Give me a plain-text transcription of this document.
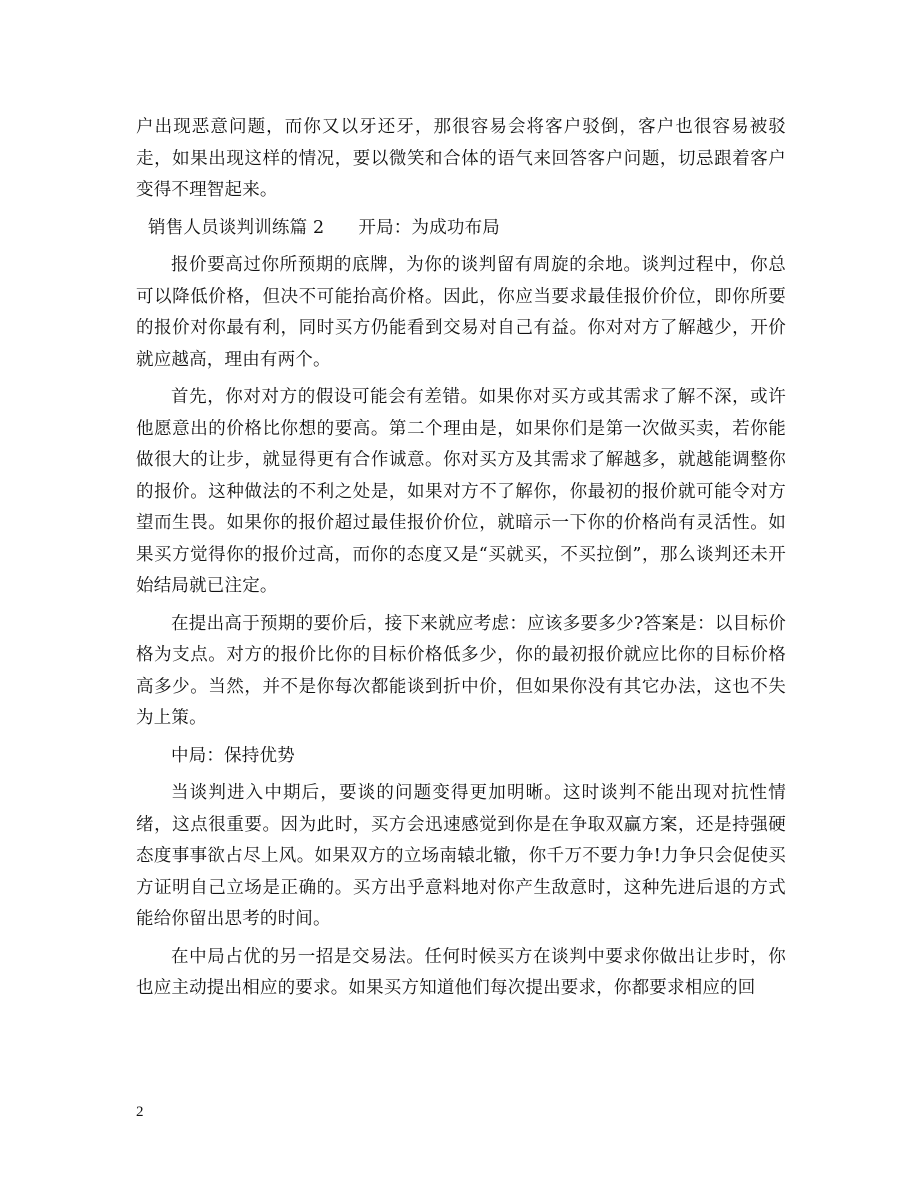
户出现恶意问题，而你又以牙还牙，那很容易会将客户驳倒，客户也很容易被驳走，如果出现这样的情况，要以微笑和合体的语气来回答客户问题，切忌跟着客户变得不理智起来。

销售人员谈判训练篇 2 开局：为成功布局

报价要高过你所预期的底牌，为你的谈判留有周旋的余地。谈判过程中，你总可以降低价格，但决不可能抬高价格。因此，你应当要求最佳报价价位，即你所要的报价对你最有利，同时买方仍能看到交易对自己有益。你对对方了解越少，开价就应越高，理由有两个。

首先，你对对方的假设可能会有差错。如果你对买方或其需求了解不深，或许他愿意出的价格比你想的要高。第二个理由是，如果你们是第一次做买卖，若你能做很大的让步，就显得更有合作诚意。你对买方及其需求了解越多，就越能调整你的报价。这种做法的不利之处是，如果对方不了解你，你最初的报价就可能令对方望而生畏。如果你的报价超过最佳报价价位，就暗示一下你的价格尚有灵活性。如果买方觉得你的报价过高，而你的态度又是“买就买，不买拉倒”，那么谈判还未开始结局就已注定。

在提出高于预期的要价后，接下来就应考虑：应该多要多少?答案是：以目标价格为支点。对方的报价比你的目标价格低多少，你的最初报价就应比你的目标价格高多少。当然，并不是你每次都能谈到折中价，但如果你没有其它办法，这也不失为上策。

中局：保持优势

当谈判进入中期后，要谈的问题变得更加明晰。这时谈判不能出现对抗性情绪，这点很重要。因为此时，买方会迅速感觉到你是在争取双赢方案，还是持强硬态度事事欲占尽上风。如果双方的立场南辕北辙，你千万不要力争!力争只会促使买方证明自己立场是正确的。买方出乎意料地对你产生敌意时，这种先进后退的方式能给你留出思考的时间。

在中局占优的另一招是交易法。任何时候买方在谈判中要求你做出让步时，你也应主动提出相应的要求。如果买方知道他们每次提出要求，你都要求相应的回

2
